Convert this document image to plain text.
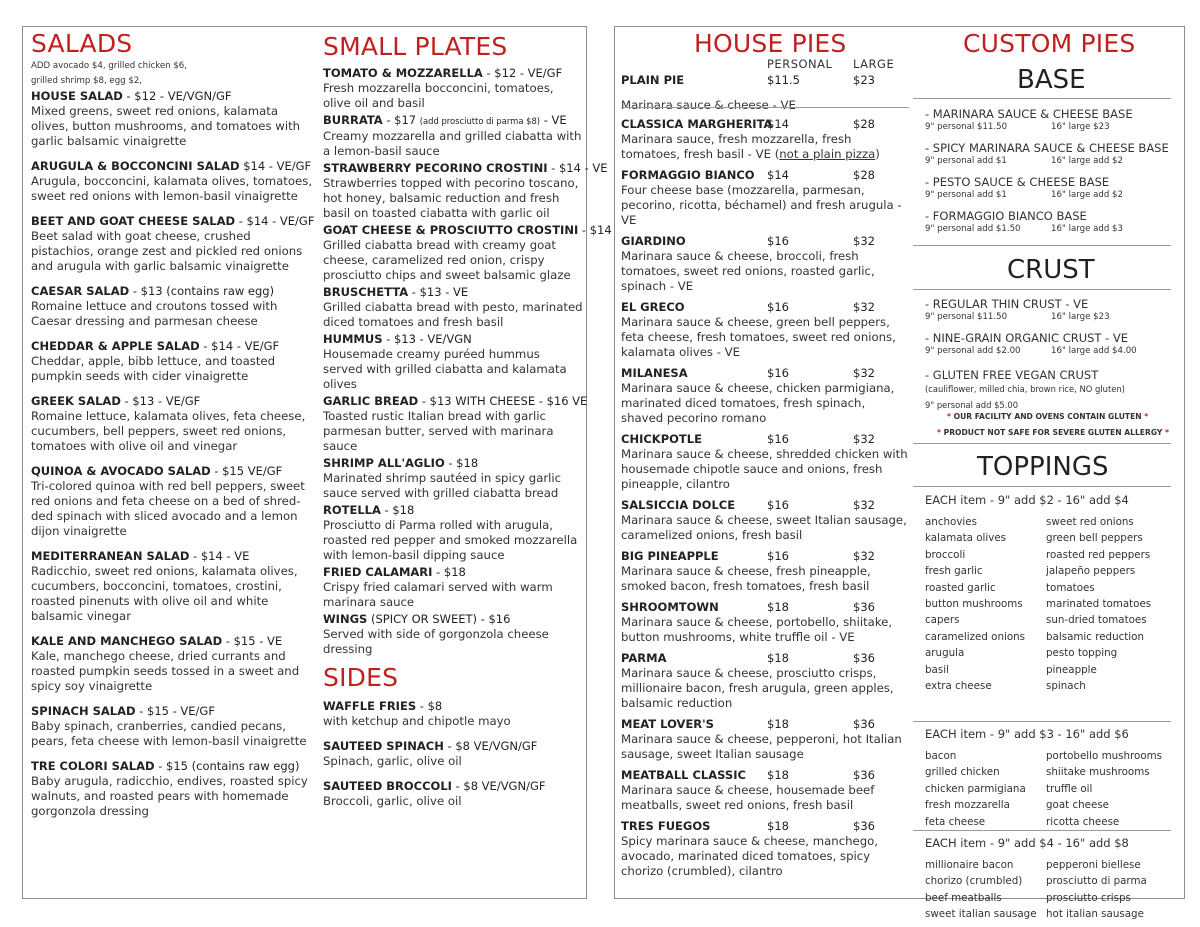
SALADS
ADD avocado $4, grilled chicken $6,
grilled shrimp $8, egg $2,
HOUSE SALAD - $12 - VE/VGN/GF
Mixed greens, sweet red onions, kalamata olives, button mushrooms, and tomatoes with garlic balsamic vinaigrette
ARUGULA & BOCCONCINI SALAD $14 - VE/GF
Arugula, bocconcini, kalamata olives, tomatoes, sweet red onions with lemon-basil vinaigrette
BEET AND GOAT CHEESE SALAD - $14 - VE/GF
Beet salad with goat cheese, crushed pistachios, orange zest and pickled red onions and arugula with garlic balsamic vinaigrette
CAESAR SALAD - $13 (contains raw egg)
Romaine lettuce and croutons tossed with Caesar dressing and parmesan cheese
CHEDDAR & APPLE SALAD - $14 - VE/GF
Cheddar, apple, bibb lettuce, and toasted pumpkin seeds with cider vinaigrette
GREEK SALAD - $13 - VE/GF
Romaine lettuce, kalamata olives, feta cheese, cucumbers, bell peppers, sweet red onions, tomatoes with olive oil and vinegar
QUINOA & AVOCADO SALAD - $15 VE/GF
Tri-colored quinoa with red bell peppers, sweet red onions and feta cheese on a bed of shred-ded spinach with sliced avocado and a lemon dijon vinaigrette
MEDITERRANEAN SALAD - $14 - VE
Radicchio, sweet red onions, kalamata olives, cucumbers, bocconcini, tomatoes, crostini, roasted pinenuts with olive oil and white balsamic vinegar
KALE AND MANCHEGO SALAD - $15 - VE
Kale, manchego cheese, dried currants and roasted pumpkin seeds tossed in a sweet and spicy soy vinaigrette
SPINACH SALAD - $15 - VE/GF
Baby spinach, cranberries, candied pecans, pears, feta cheese with lemon-basil vinaigrette
TRE COLORI SALAD - $15 (contains raw egg)
Baby arugula, radicchio, endives, roasted spicy walnuts, and roasted pears with homemade gorgonzola dressing
SMALL PLATES
TOMATO & MOZZARELLA - $12 - VE/GF
Fresh mozzarella bocconcini, tomatoes, olive oil and basil
BURRATA - $17 (add prosciutto di parma $8) - VE
Creamy mozzarella and grilled ciabatta with a lemon-basil sauce
STRAWBERRY PECORINO CROSTINI - $14 - VE
Strawberries topped with pecorino toscano, hot honey, balsamic reduction and fresh basil on toasted ciabatta with garlic oil
GOAT CHEESE & PROSCIUTTO CROSTINI - $14
Grilled ciabatta bread with creamy goat cheese, caramelized red onion, crispy prosciutto chips and sweet balsamic glaze
BRUSCHETTA - $13 - VE
Grilled ciabatta bread with pesto, marinated diced tomatoes and fresh basil
HUMMUS - $13 - VE/VGN
Housemade creamy puréed hummus served with grilled ciabatta and kalamata olives
GARLIC BREAD - $13 WITH CHEESE - $16 VE
Toasted rustic Italian bread with garlic parmesan butter, served with marinara sauce
SHRIMP ALL'AGLIO - $18
Marinated shrimp sautéed in spicy garlic sauce served with grilled ciabatta bread
ROTELLA - $18
Prosciutto di Parma rolled with arugula, roasted red pepper and smoked mozzarella with lemon-basil dipping sauce
FRIED CALAMARI - $18
Crispy fried calamari served with warm marinara sauce
WINGS (SPICY OR SWEET) - $16
Served with side of gorgonzola cheese dressing
SIDES
WAFFLE FRIES - $8
with ketchup and chipotle mayo
SAUTEED SPINACH - $8 VE/VGN/GF
Spinach, garlic, olive oil
SAUTEED BROCCOLI - $8 VE/VGN/GF
Broccoli, garlic, olive oil
HOUSE PIES
PERSONAL LARGE
PLAIN PIE	$11.5	$23
Marinara sauce & cheese - VE
CLASSICA MARGHERITA
$14	$28
Marinara sauce, fresh mozzarella, fresh tomatoes, fresh basil - VE (not a plain pizza)
FORMAGGIO BIANCO $14	$28
Four cheese base (mozzarella, parmesan, pecorino, ricotta, béchamel) and fresh arugula - VE
GIARDINO	$16	$32
Marinara sauce & cheese, broccoli, fresh tomatoes, sweet red onions, roasted garlic, spinach - VE
EL GRECO	$16	$32
Marinara sauce & cheese, green bell peppers, feta cheese, fresh tomatoes, sweet red onions, kalamata olives - VE
MILANESA	$16	$32
Marinara sauce & cheese, chicken parmigiana, marinated diced tomatoes, fresh spinach, shaved pecorino romano
CHICKPOTLE	$16	$32
Marinara sauce & cheese, shredded chicken with housemade chipotle sauce and onions, fresh pineapple, cilantro
SALSICCIA DOLCE	$16	$32
Marinara sauce & cheese, sweet Italian sausage, caramelized onions, fresh basil
BIG PINEAPPLE	$16	$32
Marinara sauce & cheese, fresh pineapple, smoked bacon, fresh tomatoes, fresh basil
SHROOMTOWN	$18	$36
Marinara sauce & cheese, portobello, shiitake, button mushrooms, white truffle oil - VE
PARMA	$18	$36
Marinara sauce & cheese, prosciutto crisps, millionaire bacon, fresh arugula, green apples, balsamic reduction
MEAT LOVER'S	$18	$36
Marinara sauce & cheese, pepperoni, hot Italian sausage, sweet Italian sausage
MEATBALL CLASSIC $18	$36
Marinara sauce & cheese, housemade beef meatballs, sweet red onions, fresh basil
TRES FUEGOS	$18	$36
Spicy marinara sauce & cheese, manchego, avocado, marinated diced tomatoes, spicy chorizo (crumbled), cilantro
CUSTOM PIES
BASE
- MARINARA SAUCE & CHEESE BASE
9" personal $11.50	16" large $23
- SPICY MARINARA SAUCE & CHEESE BASE
9" personal add $1	16" large add $2
- PESTO SAUCE & CHEESE BASE
9" personal add $1	16" large add $2
- FORMAGGIO BIANCO BASE
9" personal add $1.50	16" large add $3
CRUST
- REGULAR THIN CRUST - VE
9" personal $11.50	16" large $23
- NINE-GRAIN ORGANIC CRUST - VE
9" personal add $2.00	16" large add $4.00
- GLUTEN FREE VEGAN CRUST
(cauliflower, milled chia, brown rice, NO gluten)
9" personal add $5.00
* OUR FACILITY AND OVENS CONTAIN GLUTEN *
* PRODUCT NOT SAFE FOR SEVERE GLUTEN ALLERGY *
TOPPINGS
EACH item - 9" add $2 - 16" add $4
anchovies
kalamata olives
broccoli
fresh garlic
roasted garlic
button mushrooms
capers
caramelized onions
arugula
basil
extra cheese
sweet red onions
green bell peppers
roasted red peppers
jalapeño peppers
tomatoes
marinated tomatoes
sun-dried tomatoes
balsamic reduction
pesto topping
pineapple
spinach
EACH item - 9" add $3 - 16" add $6
bacon
grilled chicken
chicken parmigiana
fresh mozzarella
feta cheese
portobello mushrooms
shiitake mushrooms
truffle oil
goat cheese
ricotta cheese
EACH item - 9" add $4 - 16" add $8
millionaire bacon
chorizo (crumbled)
beef meatballs
sweet italian sausage
pepperoni biellese
prosciutto di parma
prosciutto crisps
hot italian sausage
